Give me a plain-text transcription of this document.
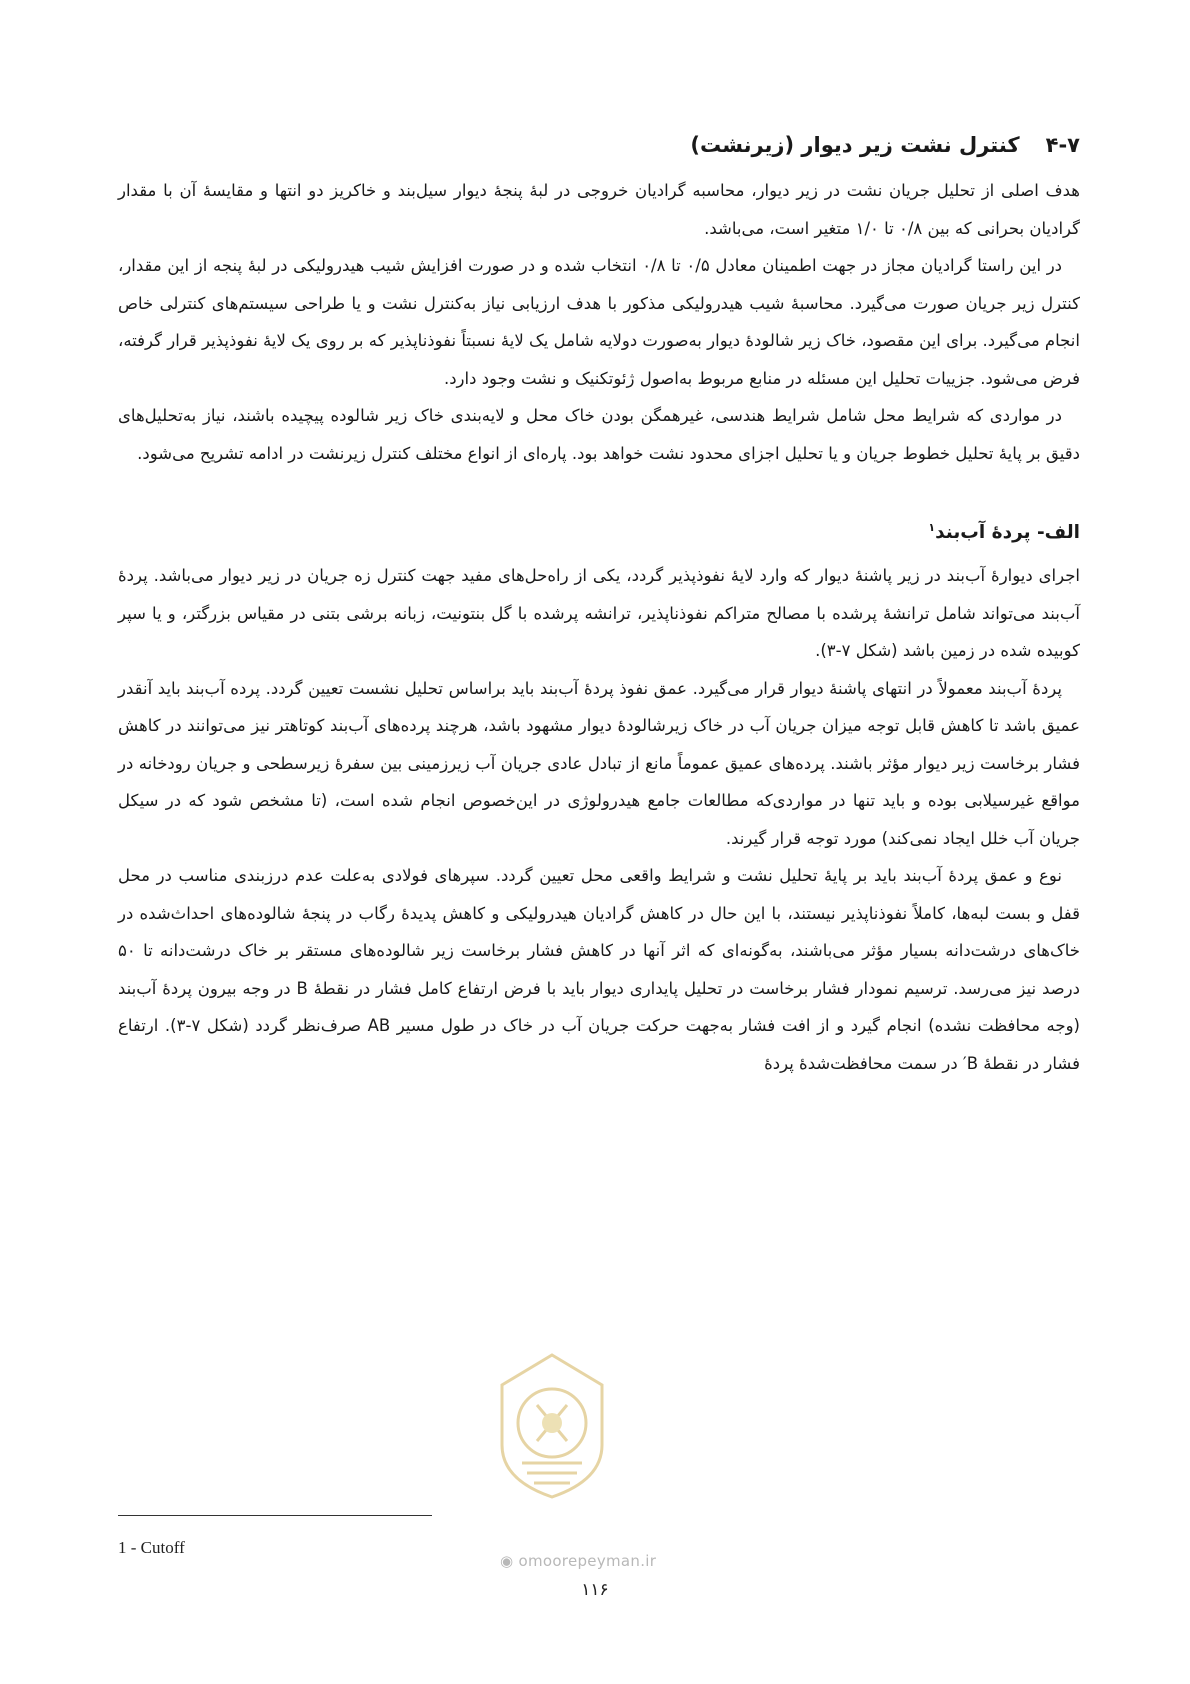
۴-۷
کنترل نشت زیر دیوار (زیرنشت)

هدف اصلی از تحلیل جریان نشت در زیر دیوار، محاسبه گرادیان خروجی در لبهٔ پنجهٔ دیوار سیل‌بند و خاکریز دو انتها و مقایسهٔ آن با مقدار گرادیان بحرانی که بین ۰/۸ تا ۱/۰ متغیر است، می‌باشد.

در این راستا گرادیان مجاز در جهت اطمینان معادل ۰/۵ تا ۰/۸ انتخاب شده و در صورت افزایش شیب هیدرولیکی در لبهٔ پنجه از این مقدار، کنترل زیر جریان صورت می‌گیرد. محاسبهٔ شیب هیدرولیکی مذکور با هدف ارزیابی نیاز به‌کنترل نشت و یا طراحی سیستم‌های کنترلی خاص انجام می‌گیرد. برای این مقصود، خاک زیر شالودهٔ دیوار به‌صورت دولایه شامل یک لایهٔ نسبتاً نفوذناپذیر که بر روی یک لایهٔ نفوذپذیر قرار گرفته، فرض می‌شود. جزییات تحلیل این مسئله در منابع مربوط به‌اصول ژئوتکنیک و نشت وجود دارد.

در مواردی که شرایط محل شامل شرایط هندسی، غیرهمگن بودن خاک محل و لایه‌بندی خاک زیر شالوده پیچیده باشند، نیاز به‌تحلیل‌های دقیق بر پایهٔ تحلیل خطوط جریان و یا تحلیل اجزای محدود نشت خواهد بود. پاره‌ای از انواع مختلف کنترل زیرنشت در ادامه تشریح می‌شود.

الف- پردهٔ آب‌بند$^۱$

اجرای دیوارهٔ آب‌بند در زیر پاشنهٔ دیوار که وارد لایهٔ نفوذپذیر گردد، یکی از راه‌حل‌های مفید جهت کنترل زه جریان در زیر دیوار می‌باشد. پردهٔ آب‌بند می‌تواند شامل ترانشهٔ پرشده با مصالح متراکم نفوذناپذیر، ترانشه پرشده با گل بنتونیت، زبانه برشی بتنی در مقیاس بزرگتر، و یا سپر کوبیده شده در زمین باشد (شکل ۷-۳).

پردهٔ آب‌بند معمولاً در انتهای پاشنهٔ دیوار قرار می‌گیرد. عمق نفوذ پردهٔ آب‌بند باید براساس تحلیل نشست تعیین گردد. پرده آب‌بند باید آنقدر عمیق باشد تا کاهش قابل توجه میزان جریان آب در خاک زیرشالودهٔ دیوار مشهود باشد، هرچند پرده‌های آب‌بند کوتاهتر نیز می‌توانند در کاهش فشار برخاست زیر دیوار مؤثر باشند. پرده‌های عمیق عموماً مانع از تبادل عادی جریان آب زیرزمینی بین سفرهٔ زیرسطحی و جریان رودخانه در مواقع غیرسیلابی بوده و باید تنها در مواردی‌که مطالعات جامع هیدرولوژی در این‌خصوص انجام شده است، (تا مشخص شود که در سیکل جریان آب خلل ایجاد نمی‌کند) مورد توجه قرار گیرند.

نوع و عمق پردهٔ آب‌بند باید بر پایهٔ تحلیل نشت و شرایط واقعی محل تعیین گردد. سپرهای فولادی به‌علت عدم درزبندی مناسب در محل قفل و بست لبه‌ها، کاملاً نفوذناپذیر نیستند، با این حال در کاهش گرادیان هیدرولیکی و کاهش پدیدهٔ رگاب در پنجهٔ شالوده‌های احداث‌شده در خاک‌های درشت‌دانه بسیار مؤثر می‌باشند، به‌گونه‌ای که اثر آنها در کاهش فشار برخاست زیر شالوده‌های مستقر بر خاک درشت‌دانه تا ۵۰ درصد نیز می‌رسد. ترسیم نمودار فشار برخاست در تحلیل پایداری دیوار باید با فرض ارتفاع کامل فشار در نقطهٔ B در وجه بیرون پردهٔ آب‌بند (وجه محافظت نشده) انجام گیرد و از افت فشار به‌جهت حرکت جریان آب در خاک در طول مسیر AB صرف‌نظر گردد (شکل ۷-۳). ارتفاع فشار در نقطهٔ B′ در سمت محافظت‌شدهٔ پردهٔ

1 - Cutoff
◉ omoorepeyman.ir
۱۱۶
